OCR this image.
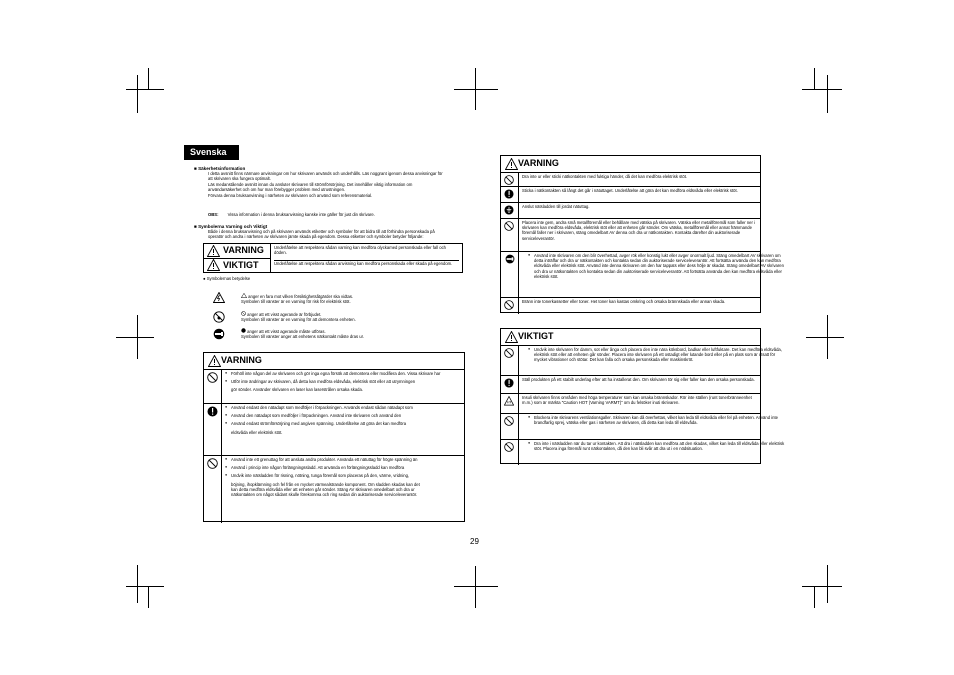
Svenska
■ Säkerhetsinformation
I detta avsnitt finns närmare anvisningar om hur skrivaren används och underhålls. Läs noggrant igenom dessa anvisningar för
att skrivaren ska fungera optimalt.
Läs medanstående avsnitt innan du ansluter skrivaren till strömförsörjning. Det innehåller viktig information om
användarsäkerhet och om hur man förebygger problem med utrustningen.
Förvara denna bruksanvisning i närheten av skrivaren och använd som referensmaterial.
OBS: Vissa information i denna bruksanvisning kanske inte gäller för just din skrivare.
■ Symbolerna Varning och Viktigt
Både i denna bruksanvisning och på skrivaren används etiketter och symboler för att bidra till att förhindra personskada på
operatör och andra i närheten av skrivaren jämte skada på egendom. Dessa etiketter och symboler betyder följande:
VARNING Underlåtelse att respektera sådan varning kan medföra olyckamed personskada eller fall och döden.
VIKTIGT	Underlåtelse att respektera sådan anvisning kan medföra personskada eller skada på egendom.
● Symbolernas betydelse
anger en fara mot vilken försiktighetsåtgärder ska vidtas.
Symbolen till vänster är en varning för risk för elektrisk stöt.
anger att ett visst agerande är förbjudet.
Symbolen till vänster är en varning för att demontera enheten.
anger att ett visst agerande måste utföras.
Symbolen till vänster anger att enhetens nätkontakt måste dras ur.
VARNING
● Förhöll inte någon del av skrivaren och gör inga egna försök att demontera eller modifiera den. Vissa skrivare har
● Utför inte ändringar av skrivaren, då detta kan medföra eldsvåda, elektrisk stöt eller att utrymningen
gör sönder. Använder skrivaren en laser kan laserstrålen orsaka skada.
● Använd endast den nätadapt som medföljer i förpackningen. Används endast sådan nätadapt som
● Använd den nätadapt som medföljer i förpackningen. Använd inte skrivaren och använd den
● Använd endast strömförsörjning med angiven spänning. Underlåtelse att göra det kan medföra
eldsvåda eller elektrisk stöt.
● Använd inte ett grenuttag för att ansluta andra produkter. Använda ett nätuttag för högre spänning än
● Använd i princip inte någon förlängningssladd. Att använda en förlängningssladd kan medföra
● Undvik inte nätsladden för risning, nötning, tunga föremål som placeras på den, värme, vridning,
böjning, ihopklämning och fel från en mycket värmealstrande komponent. Om sladden skadas kan det
kan detta medföra eldsvåda eller att enheten går sönder. Stäng AV skrivaren omedelbart och dra ur
nätkontakten om något sådant skulle förekomma och ring sedan din auktoriserade serviceleverantör.
VARNING
Dra inte ur eller sticki nätkontakten med fuktiga händer, då det kan medföra elektrisk stöt.
Sticka i nätkontakten så långt det går i nätuttaget. Underlåtelse att göra det kan medföra eldsvåda eller elektrisk stöt.
Anslut nätsladden till jordat nätuttag.
Placera inte gem, andra små metallföremål eller behållare med vätska på skrivaren. Vätska eller metallföremål som faller ner i skrivaren kan medföra eldsvåda, elektrisk stöt eller att enheten går sönder. Om vätska, metallföremål eller annat främmande föremål faller ner i skrivaren, stäng omedelbart AV denna och dra ur nätkontakten. Kontakta därefter din auktoriserade serviceleverantör.
● Använd inte skrivaren om den blir överhettad, avger rök eller konstig lukt eller avger onormalt ljud. Stäng omedelbart AV skrivaren om detta inträffar och dra ur nätkontakten och kontakta sedan din auktoriserade serviceleverantör. Att fortsätta använda den kan medföra eldsvåda eller elektrisk stöt. Använd inte denna skrivaren om den har tappats eller dess hölje är skadat. Stäng omedelbart AV skrivaren och dra ur nätkontakten och kontakta sedan din auktoriserade serviceleverantör. Att fortsätta använda den kan medföra eldsvåda eller elektrisk stöt.
Bränn inte tonerkassetter eller toner. Het toner kan kastas omkring och orsaka brännskada eller annan skada.
VIKTIGT
● Undvik inte skrivaren för damm, sot eller ånga och placera den inte nära köksbord, badkar eller luftfuktare. Det kan medföra eldsvåda, elektrisk stöt eller att enheten går sönder. Placera inte skrivaren på ett ostadigt eller lutande bord eller på en plats som är utsatt för mycket vibrationer och stötar. Det kan falla och orsaka personskada eller maskinskröt.
Ställ produkten på ett stabilt underlag efter att ha installerat den. Om skrivaren tör sig eller faller kan den orsaka personskada.
Insuli skrivaren finns områden med höga temperaturer som kan orsaka brännskador. Rör inte ställen (runt tonerbränneenhet m.m.) som är märkta "Caution HOT (Varning VARMT)" om du felsöker inuti skrivaren.
● Blockera inte skrivarens ventilationsgaller. Skrivaren kan då överhettas, vilket kan leda till eldsvåda eller fel på enheten. Använd inte brandfarlig sprej, vätska eller gas i närheten av skrivaren, då detta kan leda till eldsvåda.
● Dra inte i nätsladden när du tar ur kontakten. Att dra i nätsladden kan medföra att den skadas, vilket kan leda till eldsvåda eller elektrisk stöt. Placera inga föremål runt nätkontakten, då den kan bli svår att dra ut i en nödsituation.
29
